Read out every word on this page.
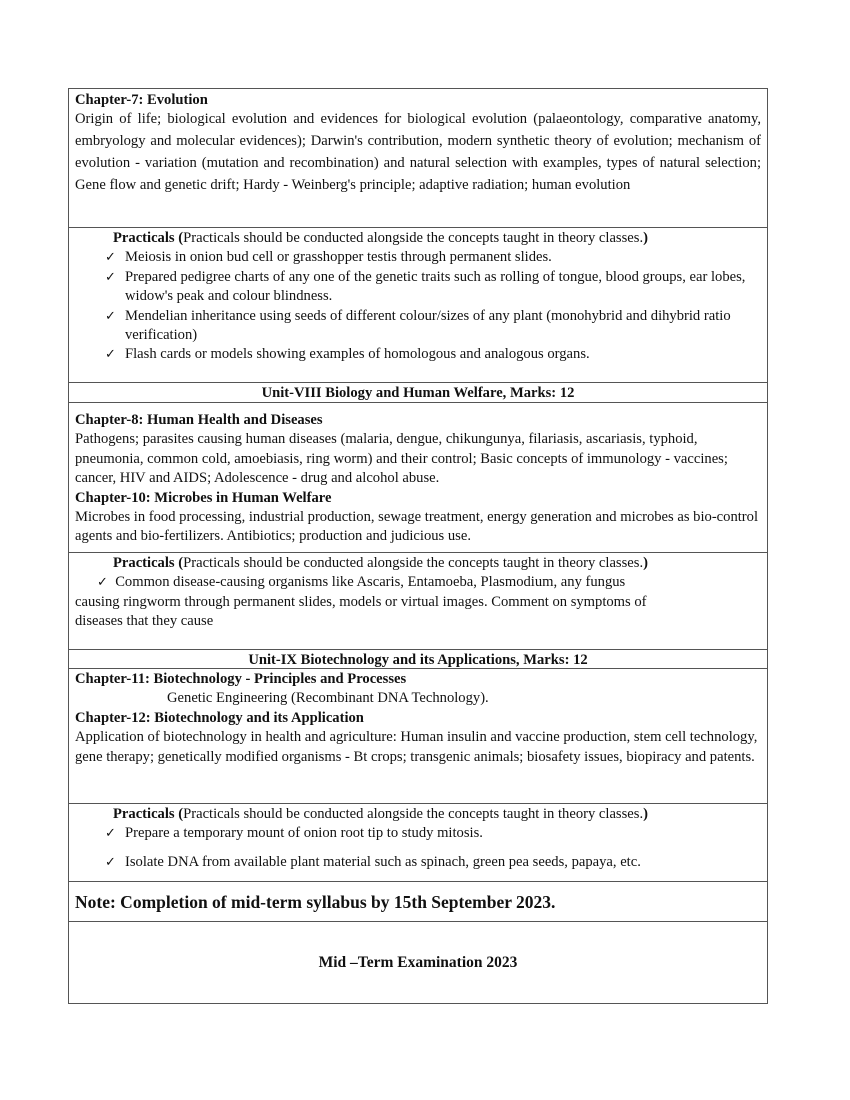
Chapter-7: Evolution
Origin of life; biological evolution and evidences for biological evolution (palaeontology, comparative anatomy, embryology and molecular evidences); Darwin's contribution, modern synthetic theory of evolution; mechanism of evolution - variation (mutation and recombination) and natural selection with examples, types of natural selection; Gene flow and genetic drift; Hardy - Weinberg's principle; adaptive radiation; human evolution
Practicals (Practicals should be conducted alongside the concepts taught in theory classes.)
✓ Meiosis in onion bud cell or grasshopper testis through permanent slides.
✓ Prepared pedigree charts of any one of the genetic traits such as rolling of tongue, blood groups, ear lobes, widow's peak and colour blindness.
✓ Mendelian inheritance using seeds of different colour/sizes of any plant (monohybrid and dihybrid ratio verification)
✓ Flash cards or models showing examples of homologous and analogous organs.
Unit-VIII Biology and Human Welfare, Marks: 12
Chapter-8: Human Health and Diseases
Pathogens; parasites causing human diseases (malaria, dengue, chikungunya, filariasis, ascariasis, typhoid, pneumonia, common cold, amoebiasis, ring worm) and their control; Basic concepts of immunology - vaccines; cancer, HIV and AIDS; Adolescence - drug and alcohol abuse.
Chapter-10: Microbes in Human Welfare
Microbes in food processing, industrial production, sewage treatment, energy generation and microbes as bio-control agents and bio-fertilizers. Antibiotics; production and judicious use.
Practicals (Practicals should be conducted alongside the concepts taught in theory classes.)
✓ Common disease-causing organisms like Ascaris, Entamoeba, Plasmodium, any fungus
causing ringworm through permanent slides, models or virtual images. Comment on symptoms of diseases that they cause
Unit-IX Biotechnology and its Applications, Marks: 12
Chapter-11: Biotechnology - Principles and Processes
Genetic Engineering (Recombinant DNA Technology).
Chapter-12: Biotechnology and its Application
Application of biotechnology in health and agriculture: Human insulin and vaccine production, stem cell technology, gene therapy; genetically modified organisms - Bt crops; transgenic animals; biosafety issues, biopiracy and patents.
Practicals (Practicals should be conducted alongside the concepts taught in theory classes.)
✓ Prepare a temporary mount of onion root tip to study mitosis.
✓ Isolate DNA from available plant material such as spinach, green pea seeds, papaya, etc.
Note: Completion of mid-term syllabus by 15th September 2023.
Mid –Term Examination 2023
